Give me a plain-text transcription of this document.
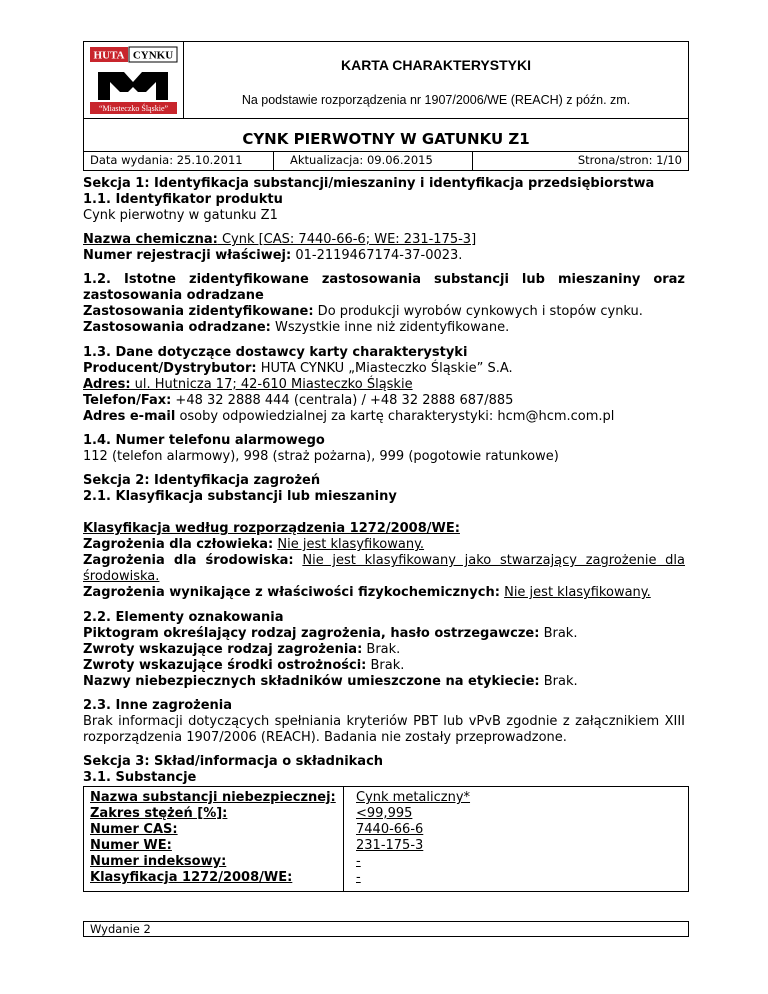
HUTA CYNKU
“Miasteczko Śląskie”
KARTA CHARAKTERYSTYKI
Na podstawie rozporządzenia nr 1907/2006/WE (REACH) z późn. zm.
CYNK PIERWOTNY W GATUNKU Z1
Data wydania: 25.10.2011	Aktualizacja: 09.06.2015	Strona/stron: 1/10
Sekcja 1: Identyfikacja substancji/mieszaniny i identyfikacja przedsiębiorstwa
1.1. Identyfikator produktu
Cynk pierwotny w gatunku Z1
Nazwa chemiczna: Cynk [CAS: 7440-66-6; WE: 231-175-3]
Numer rejestracji właściwej: 01-2119467174-37-0023.
1.2. Istotne zidentyfikowane zastosowania substancji lub mieszaniny oraz
zastosowania odradzane
Zastosowania zidentyfikowane: Do produkcji wyrobów cynkowych i stopów cynku.
Zastosowania odradzane: Wszystkie inne niż zidentyfikowane.
1.3. Dane dotyczące dostawcy karty charakterystyki
Producent/Dystrybutor: HUTA CYNKU „Miasteczko Śląskie” S.A.
Adres: ul. Hutnicza 17; 42-610 Miasteczko Śląskie
Telefon/Fax: +48 32 2888 444 (centrala) / +48 32 2888 687/885
Adres e-mail osoby odpowiedzialnej za kartę charakterystyki: hcm@hcm.com.pl
1.4. Numer telefonu alarmowego
112 (telefon alarmowy), 998 (straż pożarna), 999 (pogotowie ratunkowe)
Sekcja 2: Identyfikacja zagrożeń
2.1. Klasyfikacja substancji lub mieszaniny
Klasyfikacja według rozporządzenia 1272/2008/WE:
Zagrożenia dla człowieka: Nie jest klasyfikowany.
Zagrożenia dla środowiska: Nie jest klasyfikowany jako stwarzający zagrożenie dla
środowiska.
Zagrożenia wynikające z właściwości fizykochemicznych: Nie jest klasyfikowany.
2.2. Elementy oznakowania
Piktogram określający rodzaj zagrożenia, hasło ostrzegawcze: Brak.
Zwroty wskazujące rodzaj zagrożenia: Brak.
Zwroty wskazujące środki ostrożności: Brak.
Nazwy niebezpiecznych składników umieszczone na etykiecie: Brak.
2.3. Inne zagrożenia
Brak informacji dotyczących spełniania kryteriów PBT lub vPvB zgodnie z załącznikiem XIII
rozporządzenia 1907/2006 (REACH). Badania nie zostały przeprowadzone.
Sekcja 3: Skład/informacja o składnikach
3.1. Substancje
Nazwa substancji niebezpiecznej: Cynk metaliczny*
Zakres stężeń [%]:	<99,995
Numer CAS:	7440-66-6
Numer WE:	231-175-3
Numer indeksowy:	-
Klasyfikacja 1272/2008/WE:	-
Wydanie 2
